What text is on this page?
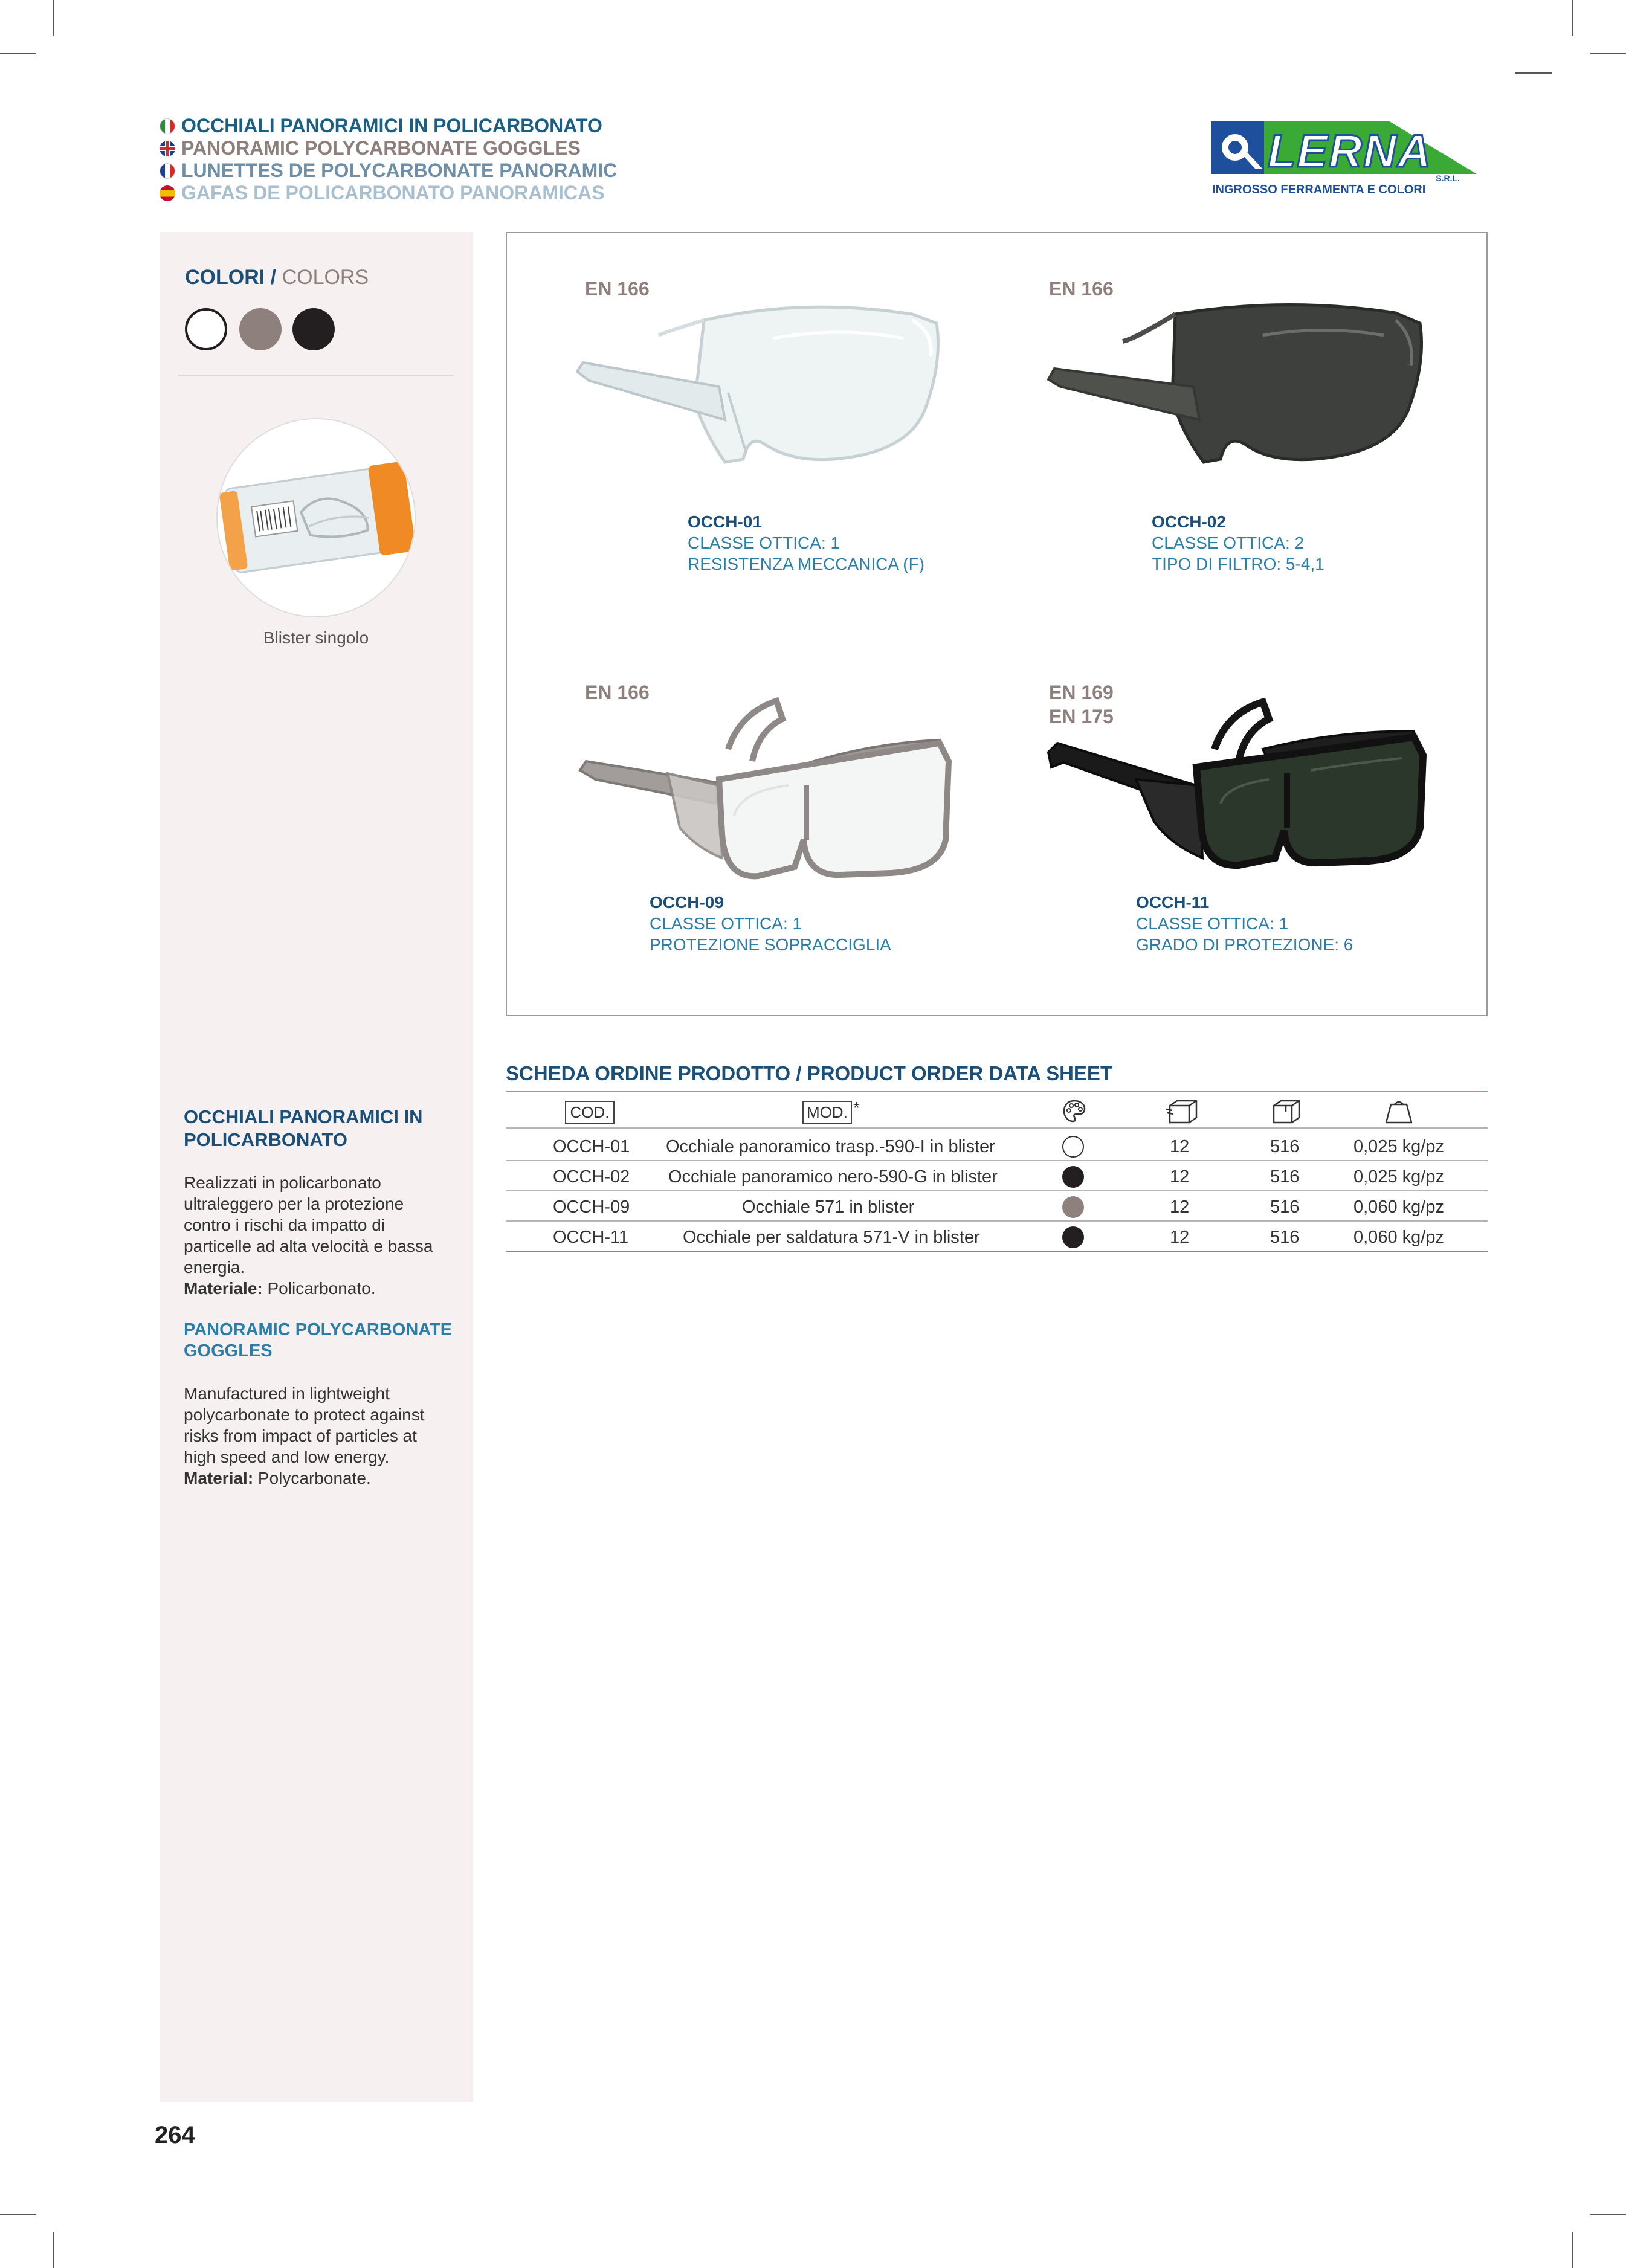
OCCHIALI PANORAMICI IN POLICARBONATO
PANORAMIC POLYCARBONATE GOGGLES
LUNETTES DE POLYCARBONATE PANORAMIC
GAFAS DE POLICARBONATO PANORAMICAS
LERNA
S.R.L.
INGROSSO FERRAMENTA E COLORI
COLORI / COLORS
Blister singolo
OCCHIALI PANORAMICI IN POLICARBONATO
Realizzati in policarbonato
ultraleggero per la protezione
contro i rischi da impatto di
particelle ad alta velocità e bassa
energia.
Materiale: Policarbonato.
PANORAMIC POLYCARBONATE GOGGLES
Manufactured in lightweight
polycarbonate to protect against
risks from impact of particles at
high speed and low energy.
Material: Polycarbonate.
EN 166
OCCH-01
CLASSE OTTICA: 1
RESISTENZA MECCANICA (F)
EN 166
OCCH-02
CLASSE OTTICA: 2
TIPO DI FILTRO: 5-4,1
EN 166
OCCH-09
CLASSE OTTICA: 1
PROTEZIONE SOPRACCIGLIA
EN 169
EN 175
OCCH-11
CLASSE OTTICA: 1
GRADO DI PROTEZIONE: 6
SCHEDA ORDINE PRODOTTO / PRODUCT ORDER DATA SHEET
COD.	MOD. *
OCCH-01 Occhiale panoramico trasp.-590-I in blister	12	516	0,025 kg/pz
OCCH-02 Occhiale panoramico nero-590-G in blister	12	516	0,025 kg/pz
OCCH-09	Occhiale 571 in blister	12	516	0,060 kg/pz
OCCH-11	Occhiale per saldatura 571-V in blister	12	516	0,060 kg/pz
264
